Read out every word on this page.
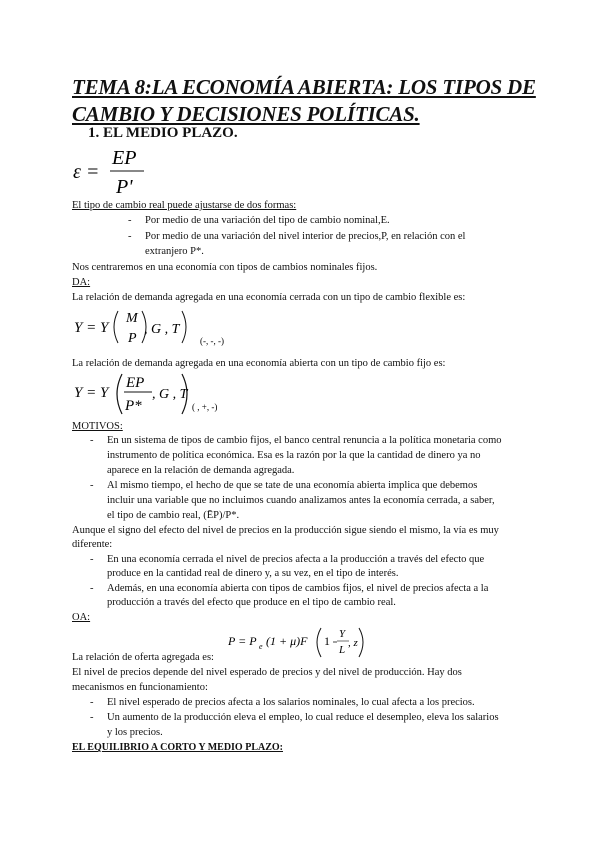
TEMA 8:LA ECONOMÍA ABIERTA: LOS TIPOS DE CAMBIO Y DECISIONES POLÍTICAS.
1. EL MEDIO PLAZO.
ε =
EP
P'
El tipo de cambio real puede ajustarse de dos formas:
- Por medio de una variación del tipo de cambio nominal,E.
- Por medio de una variación del nivel interior de precios,P, en relación con el
extranjero P*.
Nos centraremos en una economía con tipos de cambios nominales fijos.
DA:
La relación de demanda agregada en una economía cerrada con un tipo de cambio flexible es:
Y = Y
M
P
, G , T
(-, -, -)
La relación de demanda agregada en una economía abierta con un tipo de cambio fijo es:
Y = Y
EP
P*
, G , T
( , +, -)
MOTIVOS:
- En un sistema de tipos de cambio fijos, el banco central renuncia a la política monetaria como
instrumento de política económica. Esa es la razón por la que la cantidad de dinero ya no
aparece en la relación de demanda agregada.
- Al mismo tiempo, el hecho de que se tate de una economía abierta implica que debemos
incluir una variable que no incluimos cuando analizamos antes la economía cerrada, a saber,
el tipo de cambio real, (ĒP)/P*.
Aunque el signo del efecto del nivel de precios en la producción sigue siendo el mismo, la vía es muy
diferente:
- En una economía cerrada el nivel de precios afecta a la producción a través del efecto que
produce en la cantidad real de dinero y, a su vez, en el tipo de interés.
- Además, en una economía abierta con tipos de cambios fijos, el nivel de precios afecta a la
producción a través del efecto que produce en el tipo de cambio real.
OA:
P = P e (1 + μ)F 1 Y
L
, z
La relación de oferta agregada es:
El nivel de precios depende del nivel esperado de precios y del nivel de producción. Hay dos
mecanismos en funcionamiento:
- El nivel esperado de precios afecta a los salarios nominales, lo cual afecta a los precios.
- Un aumento de la producción eleva el empleo, lo cual reduce el desempleo, eleva los salarios
y los precios.
EL EQUILIBRIO A CORTO Y MEDIO PLAZO:
